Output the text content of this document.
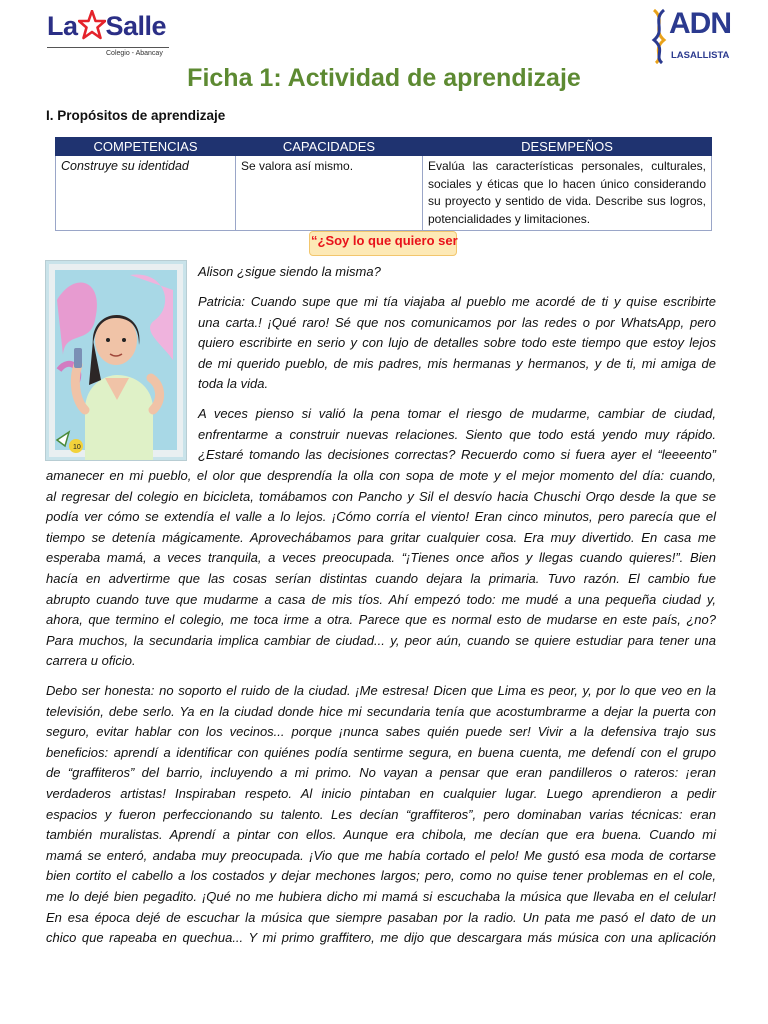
La Salle
Colegio - Abancay
ADN
LASALLISTA
Ficha 1: Actividad de aprendizaje
I. Propósitos de aprendizaje
COMPETENCIAS	CAPACIDADES	DESEMPEÑOS
Construye su identidad	Se valora así mismo.	Evalúa las características personales, culturales, sociales y éticas que lo hacen único considerando su proyecto y sentido de vida. Describe sus logros, potencialidades y limitaciones.
“¿Soy lo que quiero ser
10
Alison ¿sigue siendo la misma?
Patricia: Cuando supe que mi tía viajaba al pueblo me acordé de ti y quise escribirte
una carta.! ¡Qué raro! Sé que nos comunicamos por las redes o por WhatsApp, pero
quiero escribirte en serio y con lujo de detalles sobre todo este tiempo que estoy lejos
de mi querido pueblo, de mis padres, mis hermanas y hermanos, y de ti, mi amiga de
toda la vida.
A veces pienso si valió la pena tomar el riesgo de mudarme, cambiar de ciudad,
enfrentarme a construir nuevas relaciones. Siento que todo está yendo muy rápido.
¿Estaré tomando las decisiones correctas? Recuerdo como si fuera ayer el “leeeento”
amanecer en mi pueblo, el olor que desprendía la olla con sopa de mote y el mejor momento del día: cuando,
al regresar del colegio en bicicleta, tomábamos con Pancho y Sil el desvío hacia Chuschi Orqo desde la que se
podía ver cómo se extendía el valle a lo lejos. ¡Cómo corría el viento! Eran cinco minutos, pero parecía que el
tiempo se detenía mágicamente. Aprovechábamos para gritar cualquier cosa. Era muy divertido. En casa me
esperaba mamá, a veces tranquila, a veces preocupada. “¡Tienes once años y llegas cuando quieres!”. Bien
hacía en advertirme que las cosas serían distintas cuando dejara la primaria. Tuvo razón. El cambio fue
abrupto cuando tuve que mudarme a casa de mis tíos. Ahí empezó todo: me mudé a una pequeña ciudad y,
ahora, que termino el colegio, me toca irme a otra. Parece que es normal esto de mudarse en este país, ¿no?
Para muchos, la secundaria implica cambiar de ciudad... y, peor aún, cuando se quiere estudiar para tener una
carrera u oficio.
Debo ser honesta: no soporto el ruido de la ciudad. ¡Me estresa! Dicen que Lima es peor, y, por lo que veo en la
televisión, debe serlo. Ya en la ciudad donde hice mi secundaria tenía que acostumbrarme a dejar la puerta con
seguro, evitar hablar con los vecinos... porque ¡nunca sabes quién puede ser! Vivir a la defensiva trajo sus
beneficios: aprendí a identificar con quiénes podía sentirme segura, en buena cuenta, me defendí con el grupo
de “graffiteros” del barrio, incluyendo a mi primo. No vayan a pensar que eran pandilleros o rateros: ¡eran
verdaderos artistas! Inspiraban respeto. Al inicio pintaban en cualquier lugar. Luego aprendieron a pedir
espacios y fueron perfeccionando su talento. Les decían “graffiteros”, pero dominaban varias técnicas: eran
también muralistas. Aprendí a pintar con ellos. Aunque era chibola, me decían que era buena. Cuando mi
mamá se enteró, andaba muy preocupada. ¡Vio que me había cortado el pelo! Me gustó esa moda de cortarse
bien cortito el cabello a los costados y dejar mechones largos; pero, como no quise tener problemas en el cole,
me lo dejé bien pegadito. ¡Qué no me hubiera dicho mi mamá si escuchaba la música que llevaba en el celular!
En esa época dejé de escuchar la música que siempre pasaban por la radio. Un pata me pasó el dato de un
chico que rapeaba en quechua... Y mi primo graffitero, me dijo que descargara más música con una aplicación
